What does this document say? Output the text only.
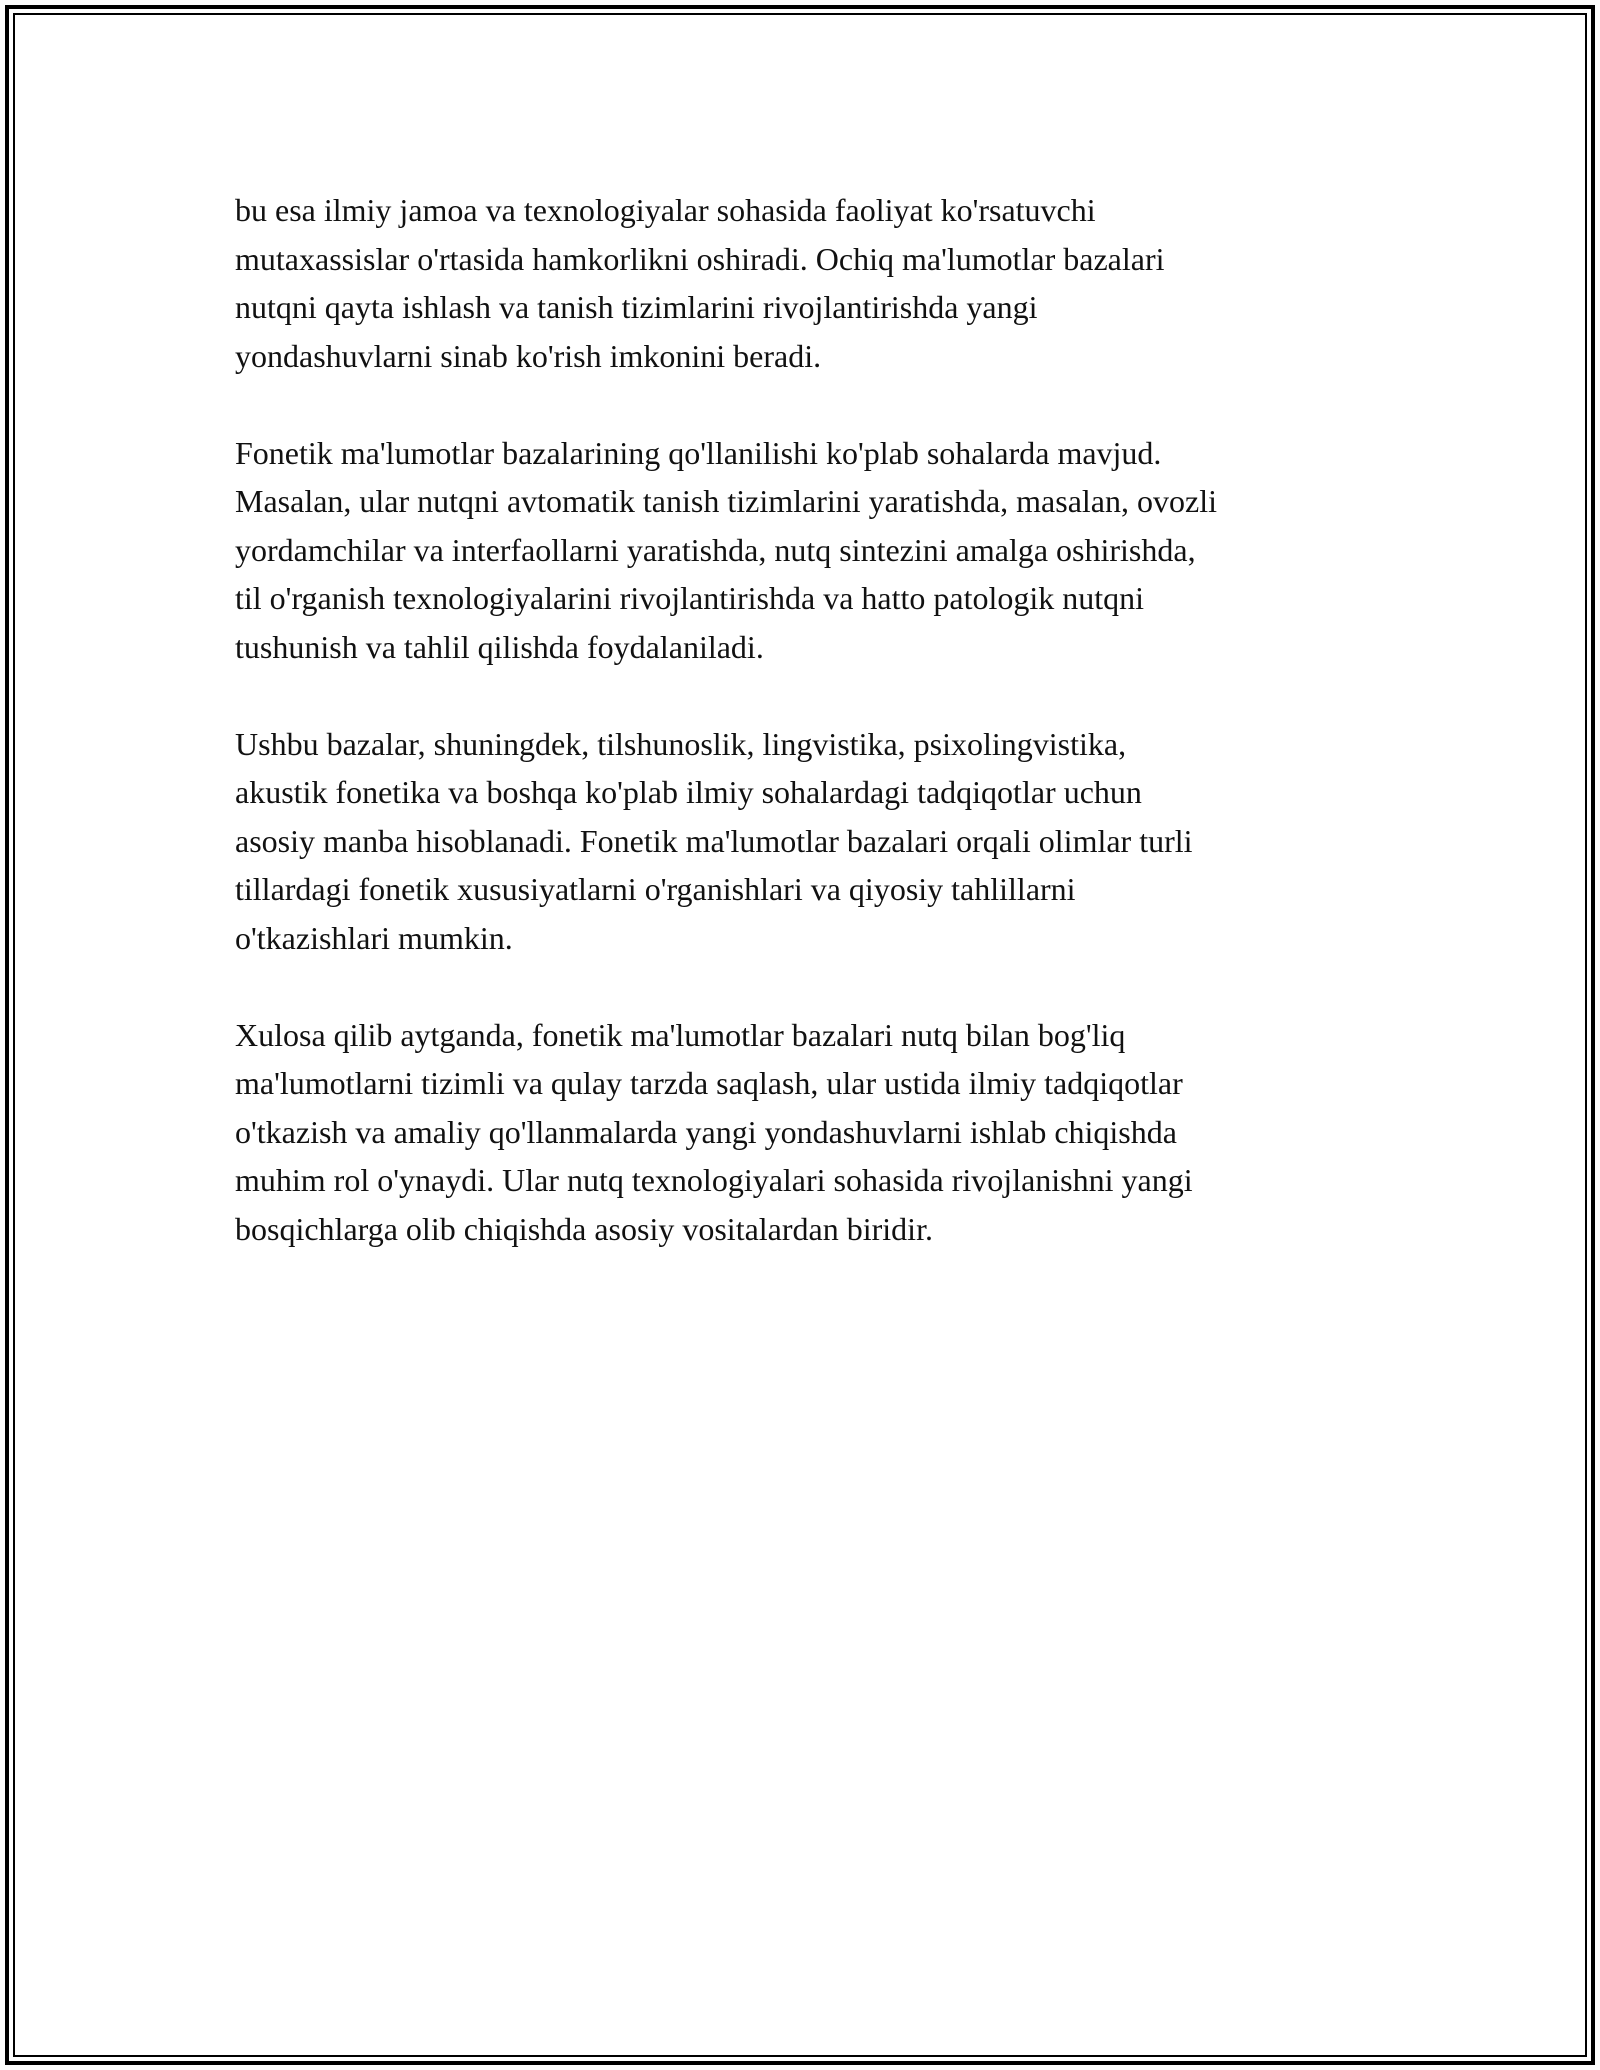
bu esa ilmiy jamoa va texnologiyalar sohasida faoliyat ko'rsatuvchi
mutaxassislar o'rtasida hamkorlikni oshiradi. Ochiq ma'lumotlar bazalari
nutqni qayta ishlash va tanish tizimlarini rivojlantirishda yangi
yondashuvlarni sinab ko'rish imkonini beradi.

Fonetik ma'lumotlar bazalarining qo'llanilishi ko'plab sohalarda mavjud.
Masalan, ular nutqni avtomatik tanish tizimlarini yaratishda, masalan, ovozli
yordamchilar va interfaollarni yaratishda, nutq sintezini amalga oshirishda,
til o'rganish texnologiyalarini rivojlantirishda va hatto patologik nutqni
tushunish va tahlil qilishda foydalaniladi.

Ushbu bazalar, shuningdek, tilshunoslik, lingvistika, psixolingvistika,
akustik fonetika va boshqa ko'plab ilmiy sohalardagi tadqiqotlar uchun
asosiy manba hisoblanadi. Fonetik ma'lumotlar bazalari orqali olimlar turli
tillardagi fonetik xususiyatlarni o'rganishlari va qiyosiy tahlillarni
o'tkazishlari mumkin.

Xulosa qilib aytganda, fonetik ma'lumotlar bazalari nutq bilan bog'liq
ma'lumotlarni tizimli va qulay tarzda saqlash, ular ustida ilmiy tadqiqotlar
o'tkazish va amaliy qo'llanmalarda yangi yondashuvlarni ishlab chiqishda
muhim rol o'ynaydi. Ular nutq texnologiyalari sohasida rivojlanishni yangi
bosqichlarga olib chiqishda asosiy vositalardan biridir.
